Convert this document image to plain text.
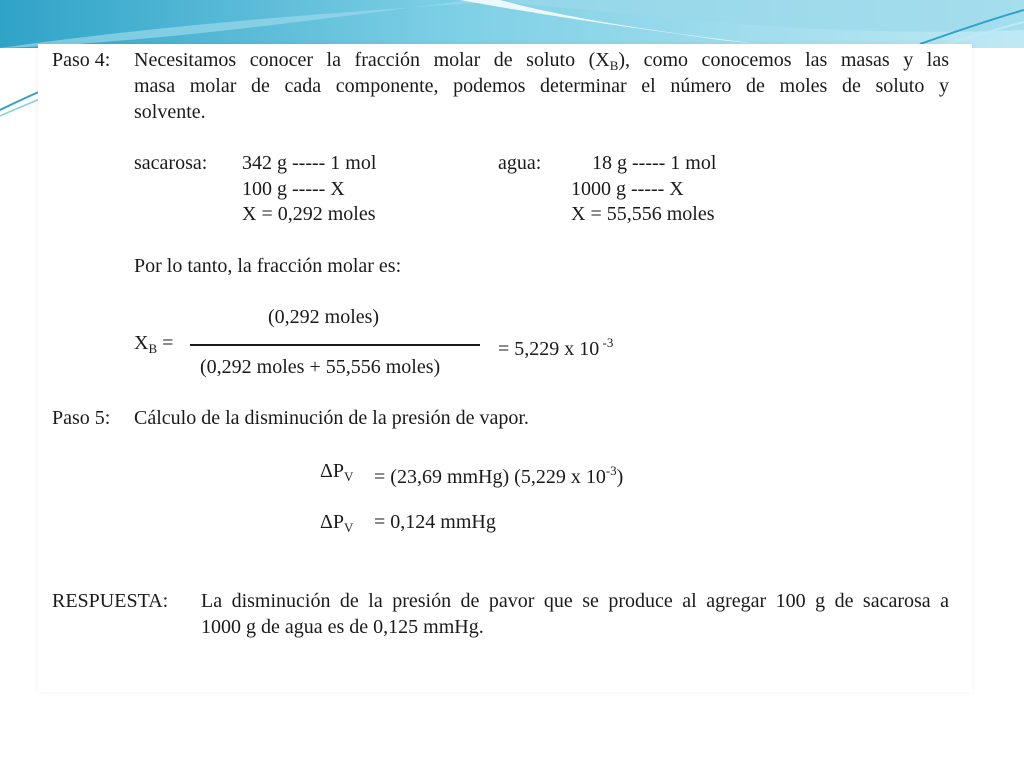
Paso 4: Necesitamos conocer la fracción molar de soluto $(X_B)$, como conocemos las masas y las
masa molar de cada componente, podemos determinar el número de moles de soluto y
solvente.
sacarosa: 342 g ----- 1 mol
100 g ----- X
X = 0,292 moles
agua:	18 g ----- 1 mol
1000 g ----- X
X = 55,556 moles
Por lo tanto, la fracción molar es:
(0,292 moles)
$X_B$ =
(0,292 moles + 55,556 moles)
= 5,229 x 10 $^{-3}$
Paso 5: Cálculo de la disminución de la presión de vapor.
$\Delta P_V = (23,69$ mmHg) (5,229 x $10^{-3}$)
$\Delta P_V = 0,124$ mmHg
RESPUESTA: La disminución de la presión de pavor que se produce al agregar 100 g de sacarosa a
1000 g de agua es de 0,125 mmHg.
